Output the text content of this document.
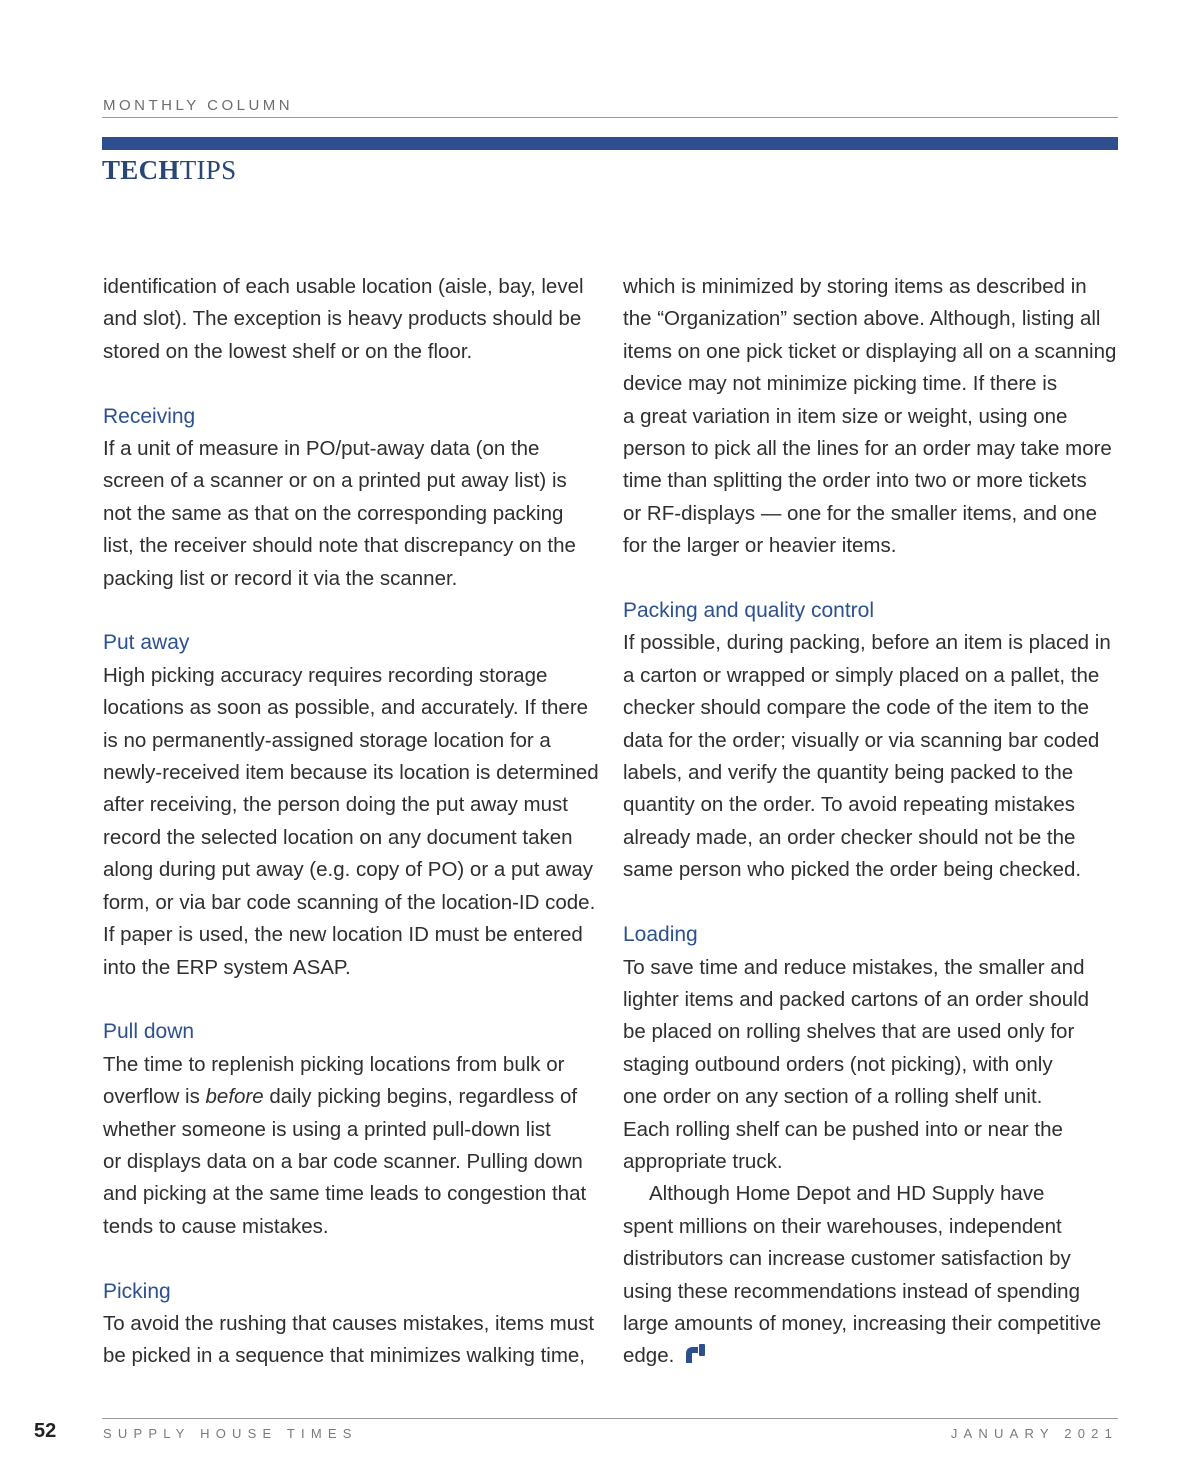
MONTHLY COLUMN
TECHTIPS

identification of each usable location (aisle, bay, level

and slot). The exception is heavy products should be

stored on the lowest shelf or on the floor.

Receiving

If a unit of measure in PO/put-away data (on the

screen of a scanner or on a printed put away list) is

not the same as that on the corresponding packing

list, the receiver should note that discrepancy on the

packing list or record it via the scanner.

Put away

High picking accuracy requires recording storage

locations as soon as possible, and accurately. If there

is no permanently-assigned storage location for a

newly-received item because its location is determined

after receiving, the person doing the put away must

record the selected location on any document taken

along during put away (e.g. copy of PO) or a put away

form, or via bar code scanning of the location-ID code.

If paper is used, the new location ID must be entered

into the ERP system ASAP.

Pull down

The time to replenish picking locations from bulk or

overflow is before daily picking begins, regardless of

whether someone is using a printed pull-down list

or displays data on a bar code scanner. Pulling down

and picking at the same time leads to congestion that

tends to cause mistakes.

Picking

To avoid the rushing that causes mistakes, items must

be picked in a sequence that minimizes walking time,

which is minimized by storing items as described in

the “Organization” section above. Although, listing all

items on one pick ticket or displaying all on a scanning

device may not minimize picking time. If there is

a great variation in item size or weight, using one

person to pick all the lines for an order may take more

time than splitting the order into two or more tickets

or RF-displays — one for the smaller items, and one

for the larger or heavier items.

Packing and quality control

If possible, during packing, before an item is placed in

a carton or wrapped or simply placed on a pallet, the

checker should compare the code of the item to the

data for the order; visually or via scanning bar coded

labels, and verify the quantity being packed to the

quantity on the order. To avoid repeating mistakes

already made, an order checker should not be the

same person who picked the order being checked.

Loading

To save time and reduce mistakes, the smaller and

lighter items and packed cartons of an order should

be placed on rolling shelves that are used only for

staging outbound orders (not picking), with only

one order on any section of a rolling shelf unit.

Each rolling shelf can be pushed into or near the

appropriate truck.

Although Home Depot and HD Supply have

spent millions on their warehouses, independent

distributors can increase customer satisfaction by

using these recommendations instead of spending

large amounts of money, increasing their competitive

edge.

52	SUPPLY HOUSE TIMES	JANUARY 2021
